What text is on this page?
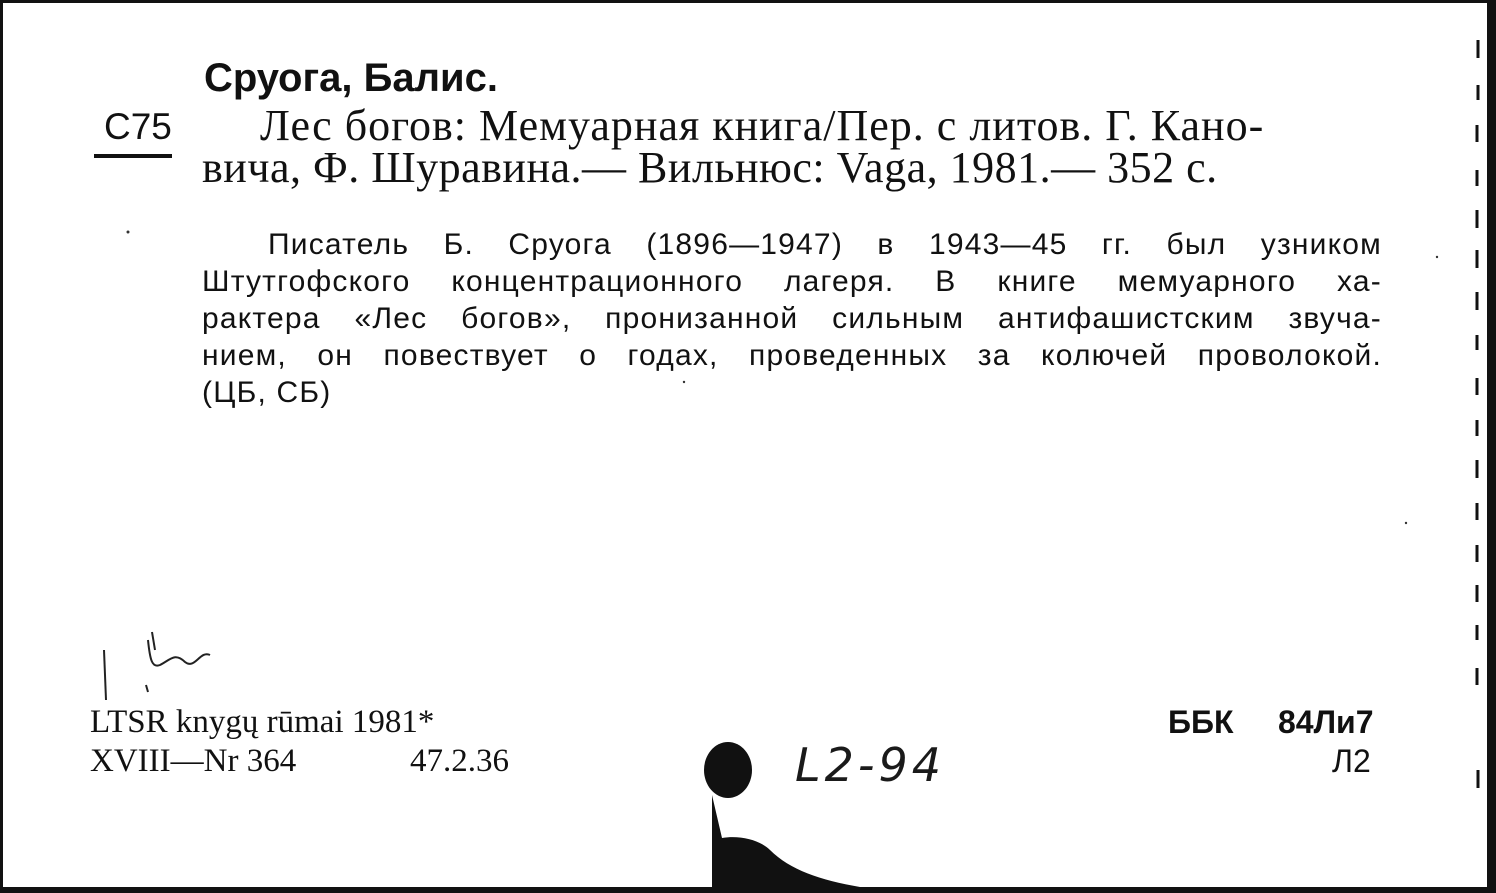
Сруога, Балис.
С75 Лес богов: Мемуарная книга/Пер. с литов. Г. Кано-
вича, Ф. Шуравина.— Вильнюс: Vaga, 1981.— 352 с.
Писатель Б. Сруога (1896—1947) в 1943—45 гг. был узником
Штутгофского концентрационного лагеря. В книге мемуарного ха-
рактера «Лес богов», пронизанной сильным антифашистским звуча-
нием, он повествует о годах, проведенных за колючей проволокой.
(ЦБ, СБ)
LTSR knygų rūmai 1981*
XVIII—Nr 364	47.2.36
ББК 84Ли7
Л2
L2-94
